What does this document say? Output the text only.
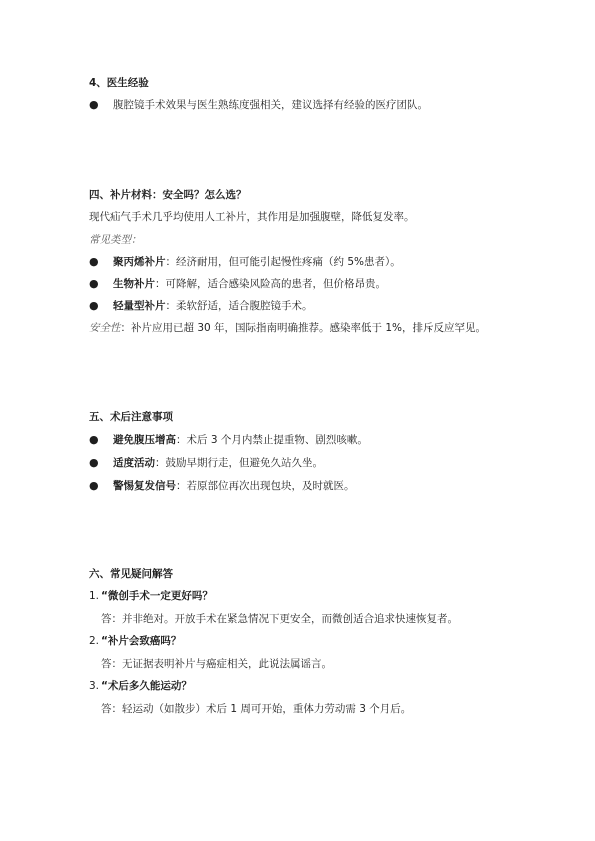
4、医生经验
● 腹腔镜手术效果与医生熟练度强相关，建议选择有经验的医疗团队。
四、补片材料：安全吗？怎么选？
现代疝气手术几乎均使用人工补片，其作用是加强腹壁，降低复发率。
常见类型：
● 聚丙烯补片：经济耐用，但可能引起慢性疼痛（约 5%患者）。
● 生物补片：可降解，适合感染风险高的患者，但价格昂贵。
● 轻量型补片：柔软舒适，适合腹腔镜手术。
安全性：补片应用已超 30 年，国际指南明确推荐。感染率低于 1%，排斥反应罕见。
五、术后注意事项
● 避免腹压增高：术后 3 个月内禁止提重物、剧烈咳嗽。
● 适度活动：鼓励早期行走，但避免久站久坐。
● 警惕复发信号：若原部位再次出现包块，及时就医。
六、常见疑问解答
1. “微创手术一定更好吗？
答：并非绝对。开放手术在紧急情况下更安全，而微创适合追求快速恢复者。
2. “补片会致癌吗？
答：无证据表明补片与癌症相关，此说法属谣言。
3. “术后多久能运动？
答：轻运动（如散步）术后 1 周可开始，重体力劳动需 3 个月后。
